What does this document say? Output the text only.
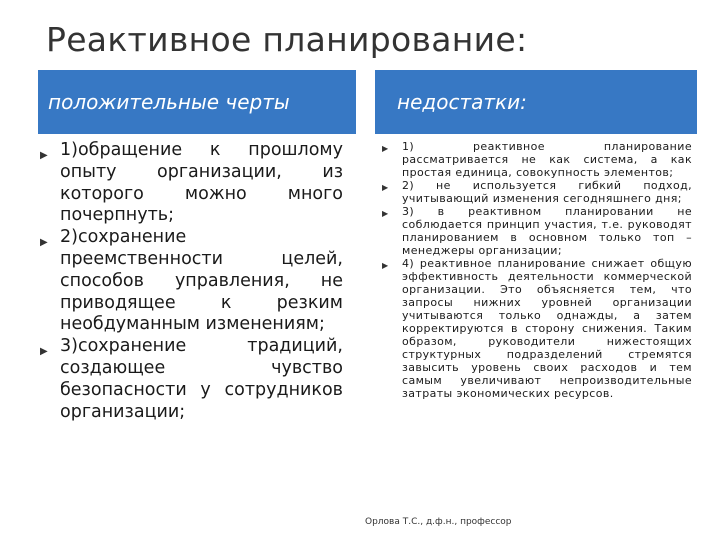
Реактивное планирование:
положительные черты	недостатки:
▶ 1)обращение к прошлому опыту организации, из которого можно много почерпнуть;
▶ 2)сохранение преемственности целей, способов управления, не приводящее к резким необдуманным изменениям;
▶ 3)сохранение традиций, создающее чувство безопасности у сотрудников организации;
▶ 1) реактивное планирование рассматривается не как система, а как простая единица, совокупность элементов;
▶ 2) не используется гибкий подход, учитывающий изменения сегодняшнего дня;
▶ 3) в реактивном планировании не соблюдается принцип участия, т.е. руководят планированием в основном только топ – менеджеры организации;
▶ 4) реактивное планирование снижает общую эффективность деятельности коммерческой организации. Это объясняется тем, что запросы нижних уровней организации учитываются только однажды, а затем корректируются в сторону снижения. Таким образом, руководители нижестоящих структурных подразделений стремятся завысить уровень своих расходов и тем самым увеличивают непроизводительные затраты экономических ресурсов.
Орлова Т.С., д.ф.н., профессор
